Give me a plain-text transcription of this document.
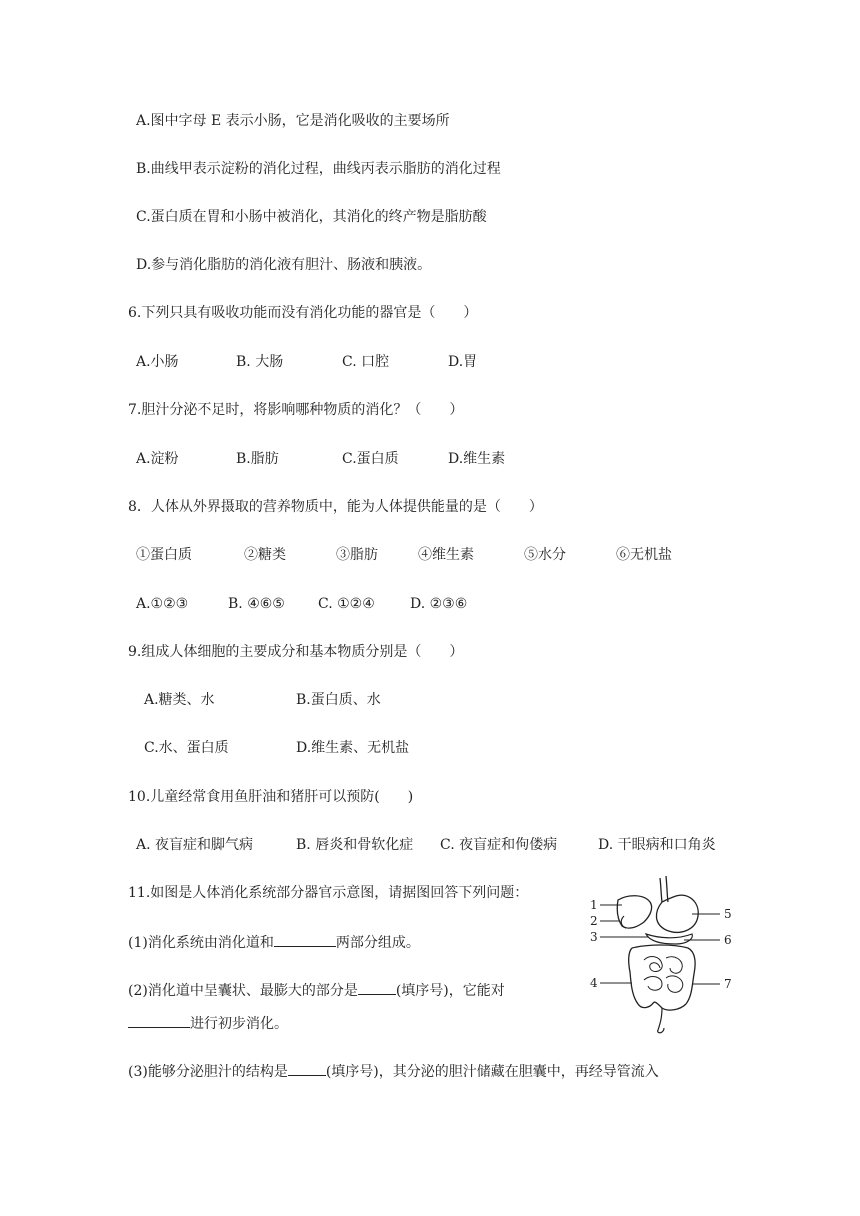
A.图中字母 E 表示小肠，它是消化吸收的主要场所
B.曲线甲表示淀粉的消化过程，曲线丙表示脂肪的消化过程
C.蛋白质在胃和小肠中被消化，其消化的终产物是脂肪酸
D.参与消化脂肪的消化液有胆汁、肠液和胰液。
6.下列只具有吸收功能而没有消化功能的器官是（　　）
A.小肠	B. 大肠	C. 口腔	D.胃
7.胆汁分泌不足时，将影响哪种物质的消化？（　　）
A.淀粉	B.脂肪	C.蛋白质	D.维生素
8．人体从外界摄取的营养物质中，能为人体提供能量的是（　　）
①蛋白质	②糖类	③脂肪	④维生素	⑤水分	⑥无机盐
A.①②③	B. ④⑥⑤ C. ①②④	D. ②③⑥
9.组成人体细胞的主要成分和基本物质分别是（　　）
A.糖类、水	B.蛋白质、水
C.水、蛋白质	D.维生素、无机盐
10.儿童经常食用鱼肝油和猪肝可以预防(　　)
A. 夜盲症和脚气病	B. 唇炎和骨软化症 C. 夜盲症和佝偻病	D. 干眼病和口角炎
11.如图是人体消化系统部分器官示意图，请据图回答下列问题：
(1)消化系统由消化道和	两部分组成。
(2)消化道中呈囊状、最膨大的部分是	(填序号)，它能对
进行初步消化。
(3)能够分泌胆汁的结构是	(填序号)，其分泌的胆汁储藏在胆囊中，再经导管流入
1
2
3
4
5
6
7
